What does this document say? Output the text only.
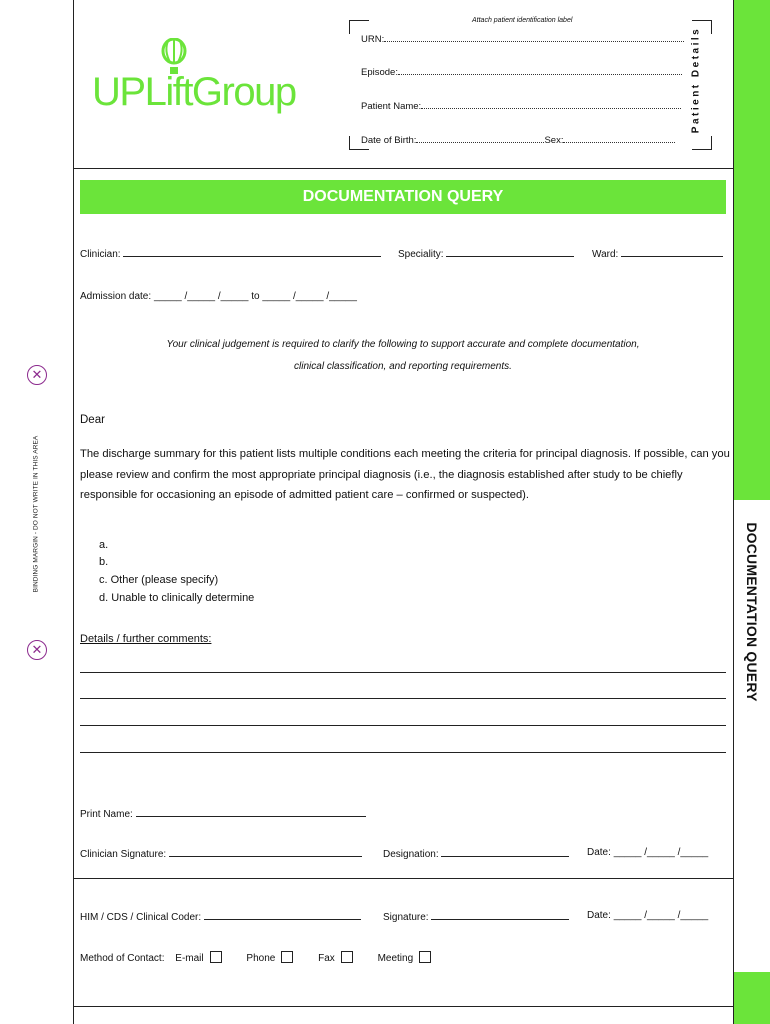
DOCUMENTATION QUERY
BINDING MARGIN - DO NOT WRITE IN THIS AREA
✕
✕
UPLiftGroup
Attach patient identification label
URN:
Episode:
Patient Name:
Date of Birth:	Sex:
Patient Details
DOCUMENTATION QUERY
Clinician:	Speciality:	Ward:
Admission date: _____ /_____ /_____ to _____ /_____ /_____
Your clinical judgement is required to clarify the following to support accurate and complete documentation,
clinical classification, and reporting requirements.
Dear
The discharge summary for this patient lists multiple conditions each meeting the criteria for principal diagnosis. If possible, can you please review and confirm the most appropriate principal diagnosis (i.e., the diagnosis established after study to be chiefly responsible for occasioning an episode of admitted patient care – confirmed or suspected).
a.
b.
c. Other (please specify)
d. Unable to clinically determine
Details / further comments:
Print Name:
Clinician Signature:	Designation:	Date: _____ /_____ /_____
HIM / CDS / Clinical Coder:	Signature:	Date: _____ /_____ /_____
Method of Contact: E-mail	Phone	Fax	Meeting
